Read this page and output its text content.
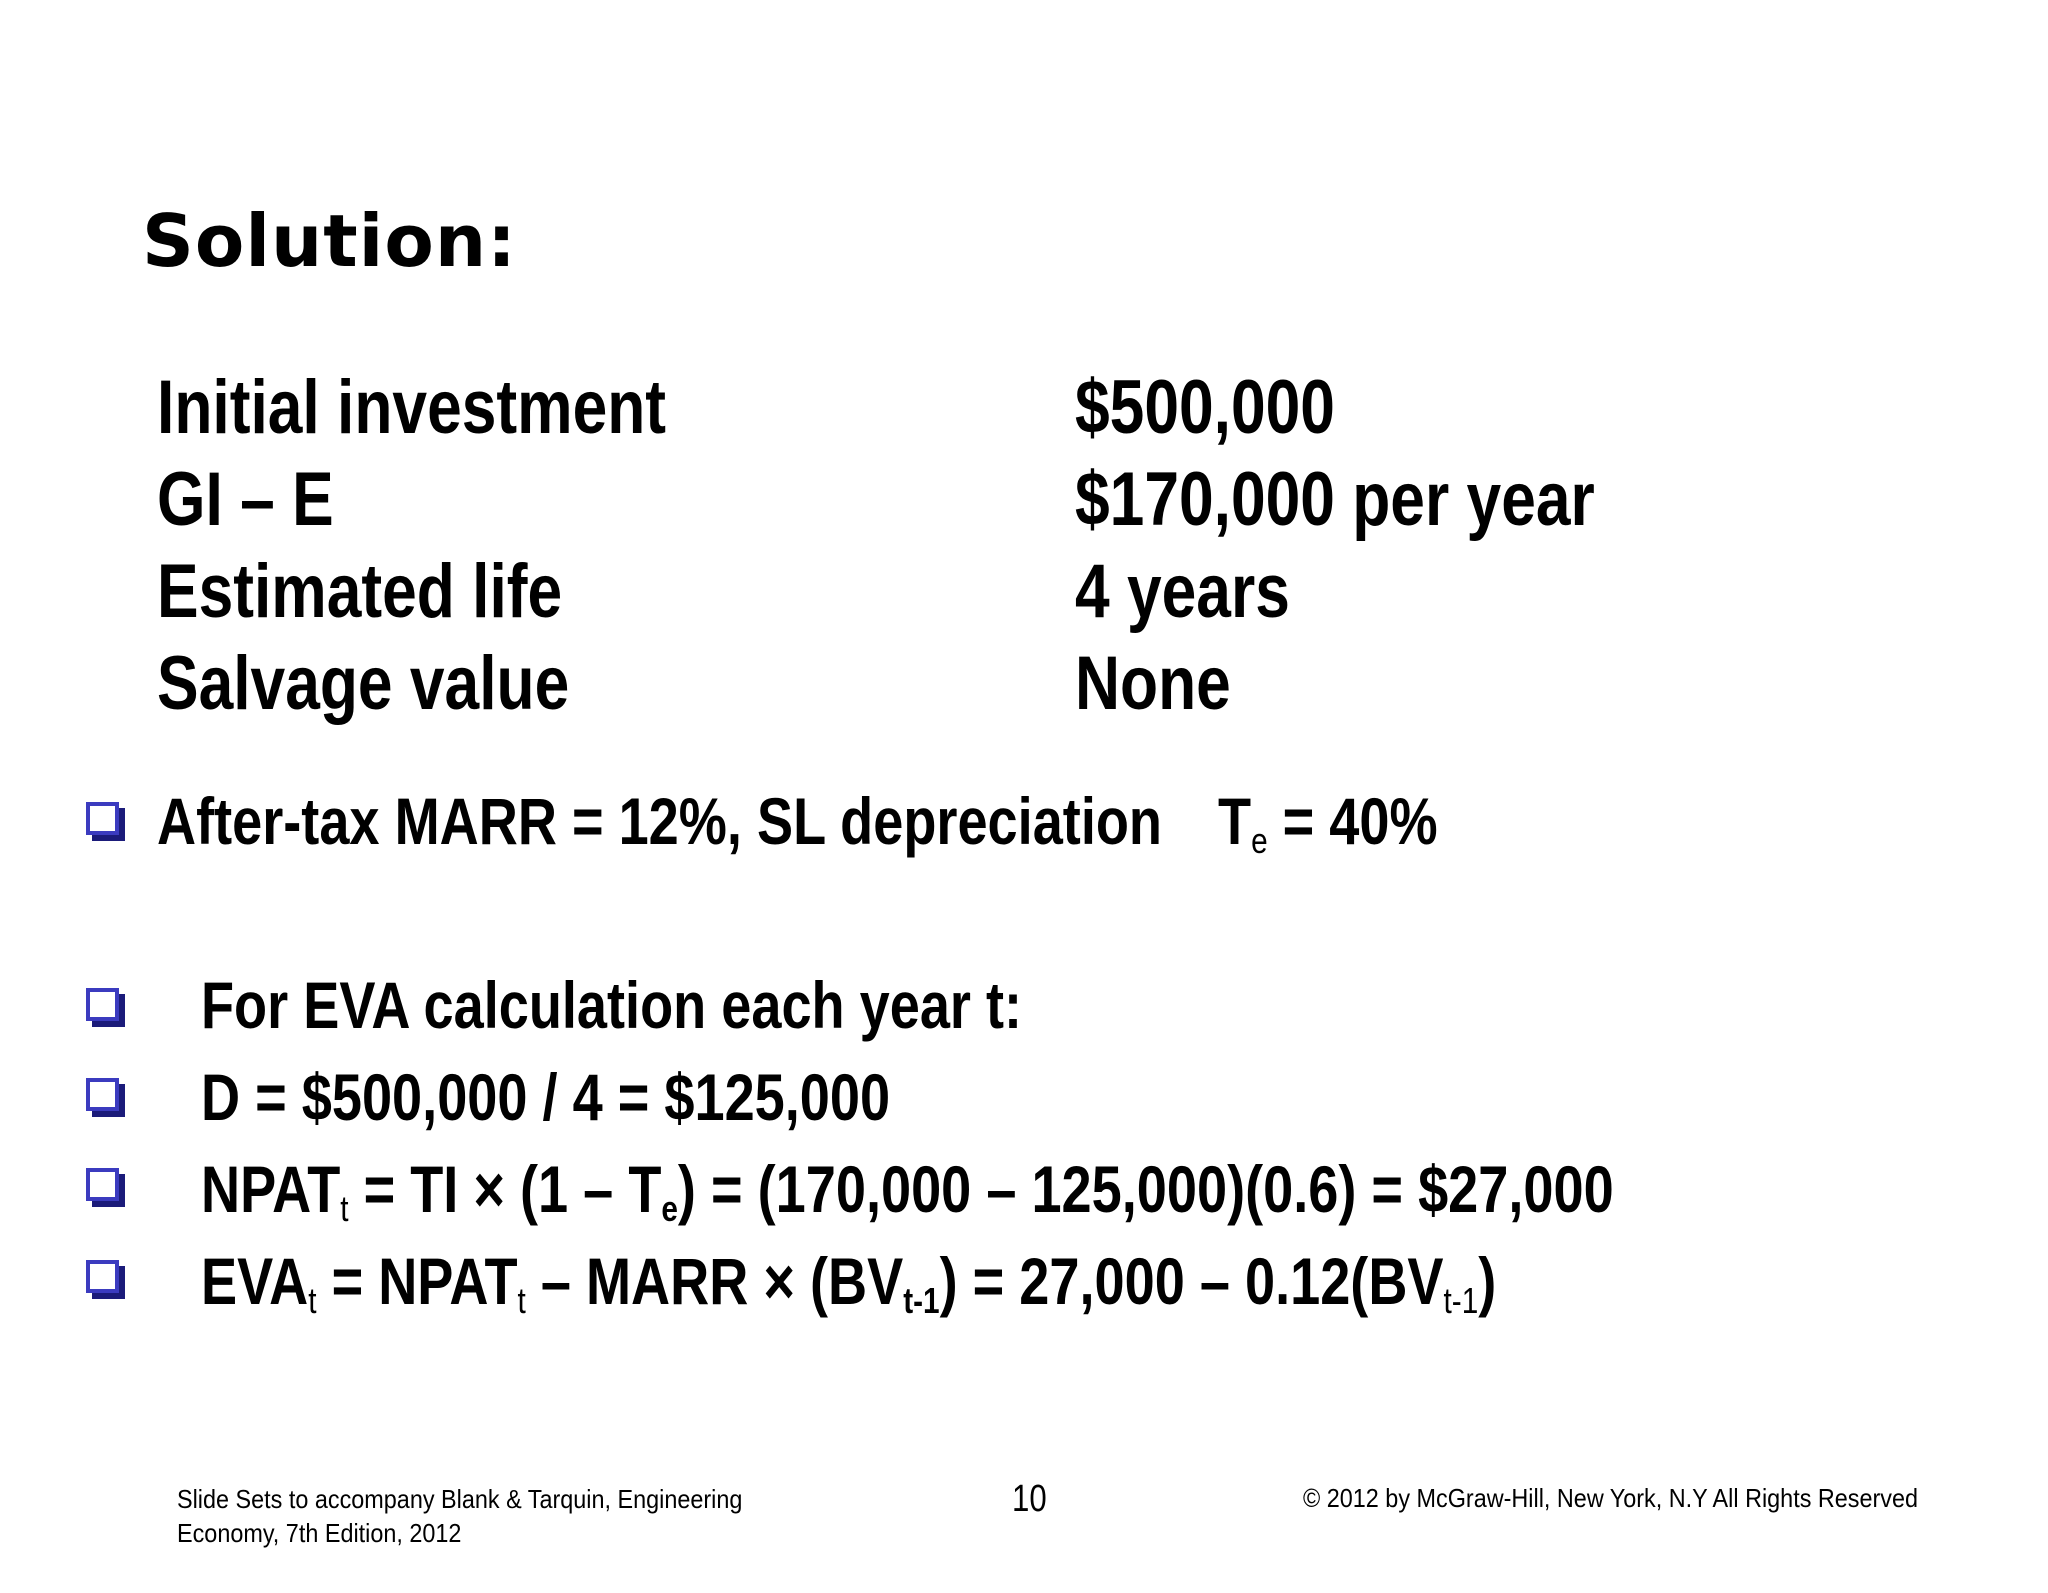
Solution:
Initial investment	$500,000
GI – E	$170,000 per year
Estimated life	4 years
Salvage value	None
After-tax MARR = 12%, SL depreciation $T_e = 40\%$
For EVA calculation each year t:
D = $500,000 / 4 = $125,000
$NPAT_t$ = TI × $(1 - T_e) = (170,000 - 125,000)(0.6)$ = $27,000
$EVA_t$ = $NPAT_t$ – MARR × $(BV_{t-1}) = 27,000 - 0.12(BV_{t-1})$
Slide Sets to accompany Blank & Tarquin, Engineering
Economy, 7th Edition, 2012
10	© 2012 by McGraw-Hill, New York, N.Y All Rights Reserved
